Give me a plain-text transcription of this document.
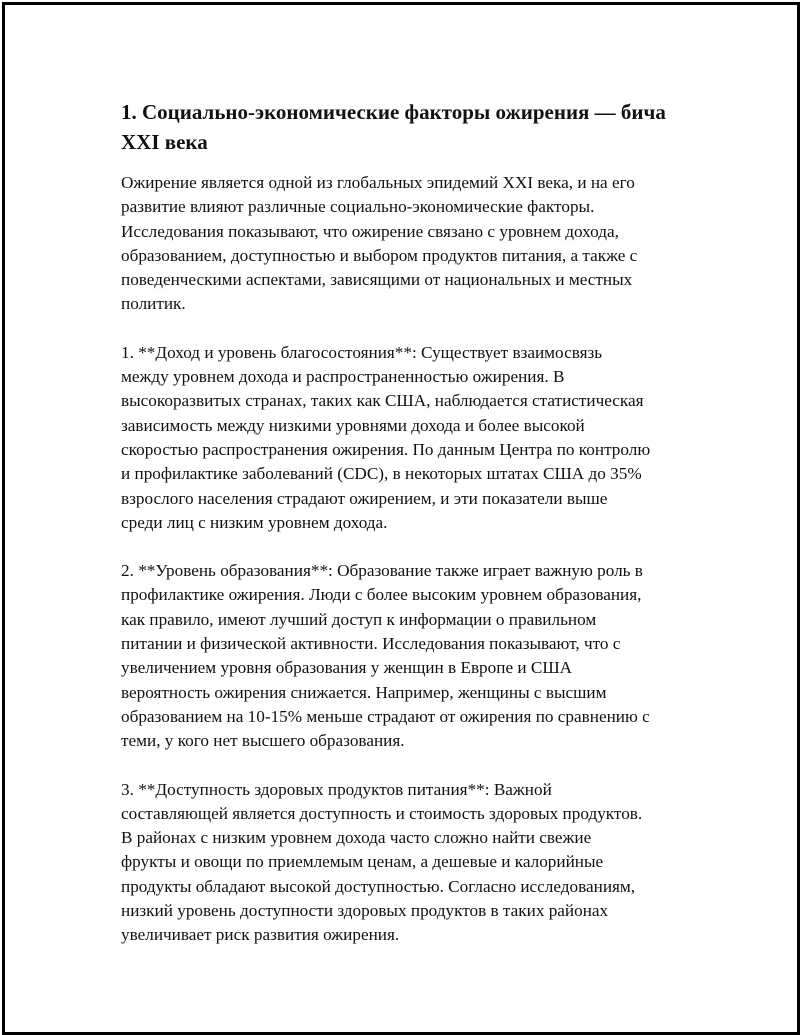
1. Социально-экономические факторы ожирения — бича
XXI века

Ожирение является одной из глобальных эпидемий XXI века, и на его
развитие влияют различные социально-экономические факторы.
Исследования показывают, что ожирение связано с уровнем дохода,
образованием, доступностью и выбором продуктов питания, а также с
поведенческими аспектами, зависящими от национальных и местных
политик.

1. **Доход и уровень благосостояния**: Существует взаимосвязь
между уровнем дохода и распространенностью ожирения. В
высокоразвитых странах, таких как США, наблюдается статистическая
зависимость между низкими уровнями дохода и более высокой
скоростью распространения ожирения. По данным Центра по контролю
и профилактике заболеваний (CDC), в некоторых штатах США до 35%
взрослого населения страдают ожирением, и эти показатели выше
среди лиц с низким уровнем дохода.

2. **Уровень образования**: Образование также играет важную роль в
профилактике ожирения. Люди с более высоким уровнем образования,
как правило, имеют лучший доступ к информации о правильном
питании и физической активности. Исследования показывают, что с
увеличением уровня образования у женщин в Европе и США
вероятность ожирения снижается. Например, женщины с высшим
образованием на 10-15% меньше страдают от ожирения по сравнению с
теми, у кого нет высшего образования.

3. **Доступность здоровых продуктов питания**: Важной
составляющей является доступность и стоимость здоровых продуктов.
В районах с низким уровнем дохода часто сложно найти свежие
фрукты и овощи по приемлемым ценам, а дешевые и калорийные
продукты обладают высокой доступностью. Согласно исследованиям,
низкий уровень доступности здоровых продуктов в таких районах
увеличивает риск развития ожирения.
